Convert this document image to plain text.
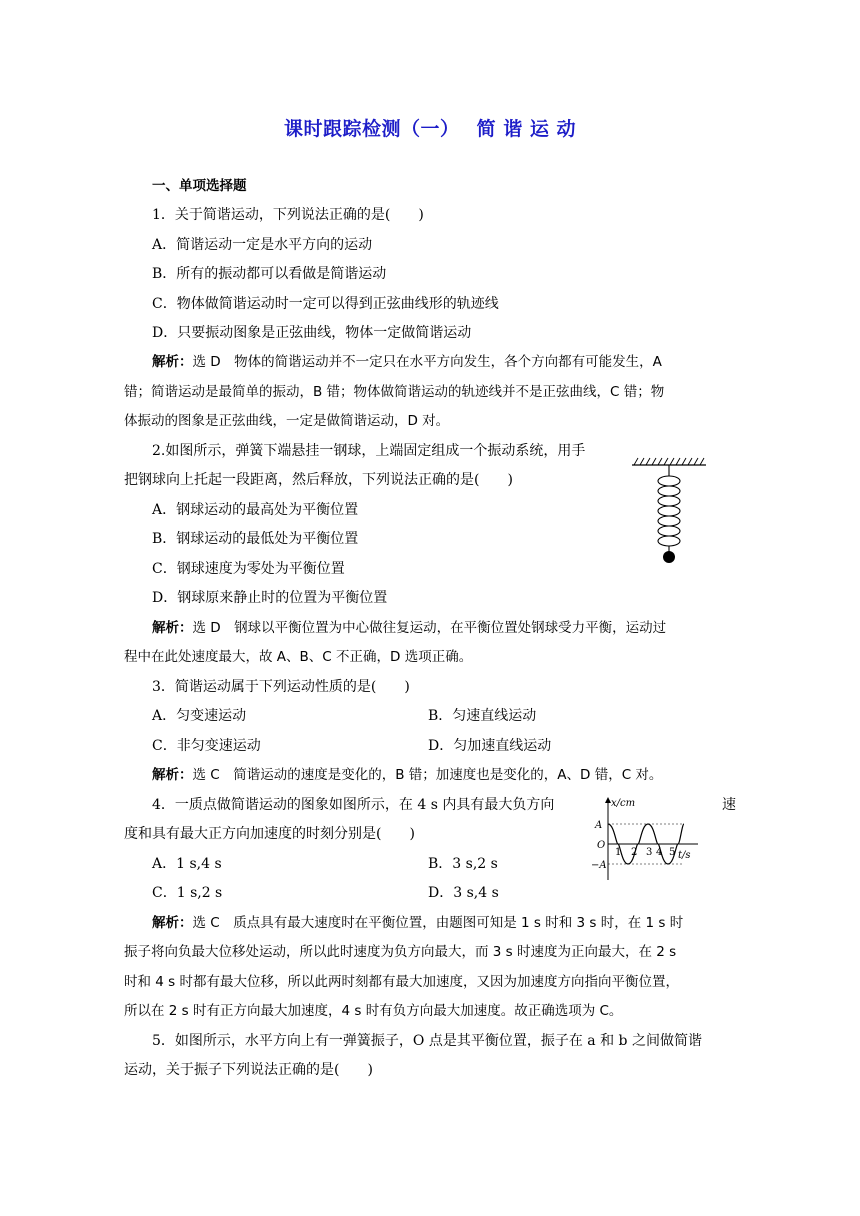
课时跟踪检测（一）　 简 谐 运 动
一、单项选择题
1．关于简谐运动，下列说法正确的是(　　)
A．简谐运动一定是水平方向的运动
B．所有的振动都可以看做是简谐运动
C．物体做简谐运动时一定可以得到正弦曲线形的轨迹线
D．只要振动图象是正弦曲线，物体一定做简谐运动
解析：选 D　物体的简谐运动并不一定只在水平方向发生，各个方向都有可能发生，A
错；简谐运动是最简单的振动，B 错；物体做简谐运动的轨迹线并不是正弦曲线，C 错；物
体振动的图象是正弦曲线，一定是做简谐运动，D 对。
2.如图所示，弹簧下端悬挂一钢球，上端固定组成一个振动系统，用手
把钢球向上托起一段距离，然后释放，下列说法正确的是(　　)
A．钢球运动的最高处为平衡位置
B．钢球运动的最低处为平衡位置
C．钢球速度为零处为平衡位置
D．钢球原来静止时的位置为平衡位置
解析：选 D　钢球以平衡位置为中心做往复运动，在平衡位置处钢球受力平衡，运动过
程中在此处速度最大，故 A、B、C 不正确，D 选项正确。
3．简谐运动属于下列运动性质的是(　　)
A．匀变速运动	B．匀速直线运动
C．非匀变速运动	D．匀加速直线运动
解析：选 C　简谐运动的速度是变化的，B 错；加速度也是变化的，A、D 错，C 对。
4．一质点做简谐运动的图象如图所示，在 4 s 内具有最大负方向	速
度和具有最大正方向加速度的时刻分别是(　　)
A．1 s,4 s	B．3 s,2 s
C．1 s,2 s	D．3 s,4 s
x/cm
t/s
A
−A
O
1 2 3 4 5
解析：选 C　质点具有最大速度时在平衡位置，由题图可知是 1 s 时和 3 s 时，在 1 s 时
振子将向负最大位移处运动，所以此时速度为负方向最大，而 3 s 时速度为正向最大，在 2 s
时和 4 s 时都有最大位移，所以此两时刻都有最大加速度，又因为加速度方向指向平衡位置，
所以在 2 s 时有正方向最大加速度，4 s 时有负方向最大加速度。故正确选项为 C。
5．如图所示，水平方向上有一弹簧振子，O 点是其平衡位置，振子在 a 和 b 之间做简谐
运动，关于振子下列说法正确的是(　　)
